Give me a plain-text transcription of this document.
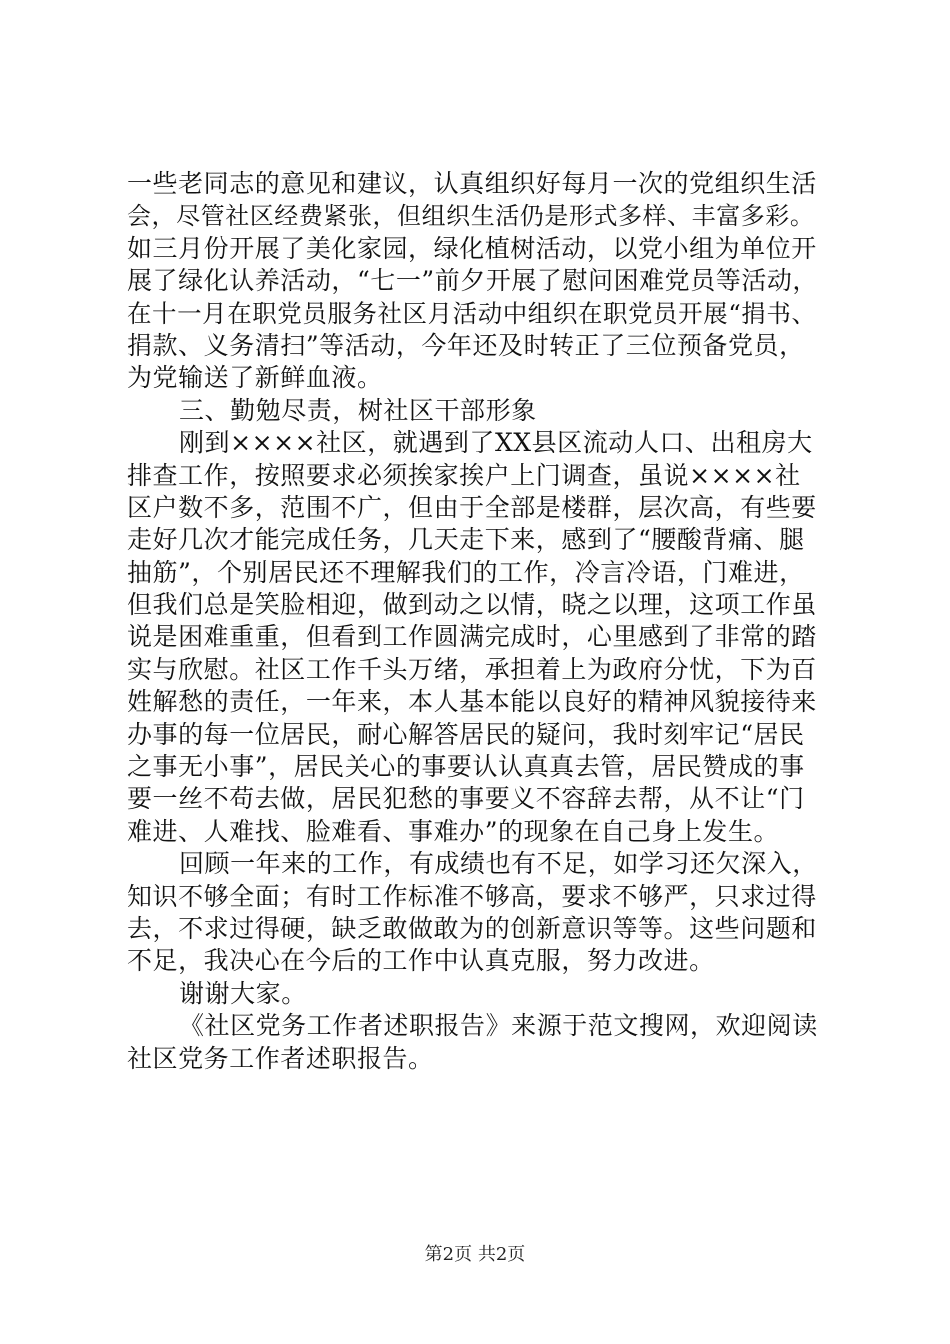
一些老同志的意见和建议，认真组织好每月一次的党组织生活
会，尽管社区经费紧张，但组织生活仍是形式多样、丰富多彩。
如三月份开展了美化家园，绿化植树活动，以党小组为单位开
展了绿化认养活动，“七一”前夕开展了慰问困难党员等活动，
在十一月在职党员服务社区月活动中组织在职党员开展“捐书、
捐款、义务清扫”等活动，今年还及时转正了三位预备党员，
为党输送了新鲜血液。
三、勤勉尽责，树社区干部形象
刚到××××社区，就遇到了XX县区流动人口、出租房大
排查工作，按照要求必须挨家挨户上门调查，虽说××××社
区户数不多，范围不广，但由于全部是楼群，层次高，有些要
走好几次才能完成任务，几天走下来，感到了“腰酸背痛、腿
抽筋”，个别居民还不理解我们的工作，冷言冷语，门难进，
但我们总是笑脸相迎，做到动之以情，晓之以理，这项工作虽
说是困难重重，但看到工作圆满完成时，心里感到了非常的踏
实与欣慰。社区工作千头万绪，承担着上为政府分忧，下为百
姓解愁的责任，一年来，本人基本能以良好的精神风貌接待来
办事的每一位居民，耐心解答居民的疑问，我时刻牢记“居民
之事无小事”，居民关心的事要认认真真去管，居民赞成的事
要一丝不苟去做，居民犯愁的事要义不容辞去帮，从不让“门
难进、人难找、脸难看、事难办”的现象在自己身上发生。
回顾一年来的工作，有成绩也有不足，如学习还欠深入，
知识不够全面；有时工作标准不够高，要求不够严，只求过得
去，不求过得硬，缺乏敢做敢为的创新意识等等。这些问题和
不足，我决心在今后的工作中认真克服，努力改进。
谢谢大家。
《社区党务工作者述职报告》来源于范文搜网，欢迎阅读
社区党务工作者述职报告。
第2页 共2页
